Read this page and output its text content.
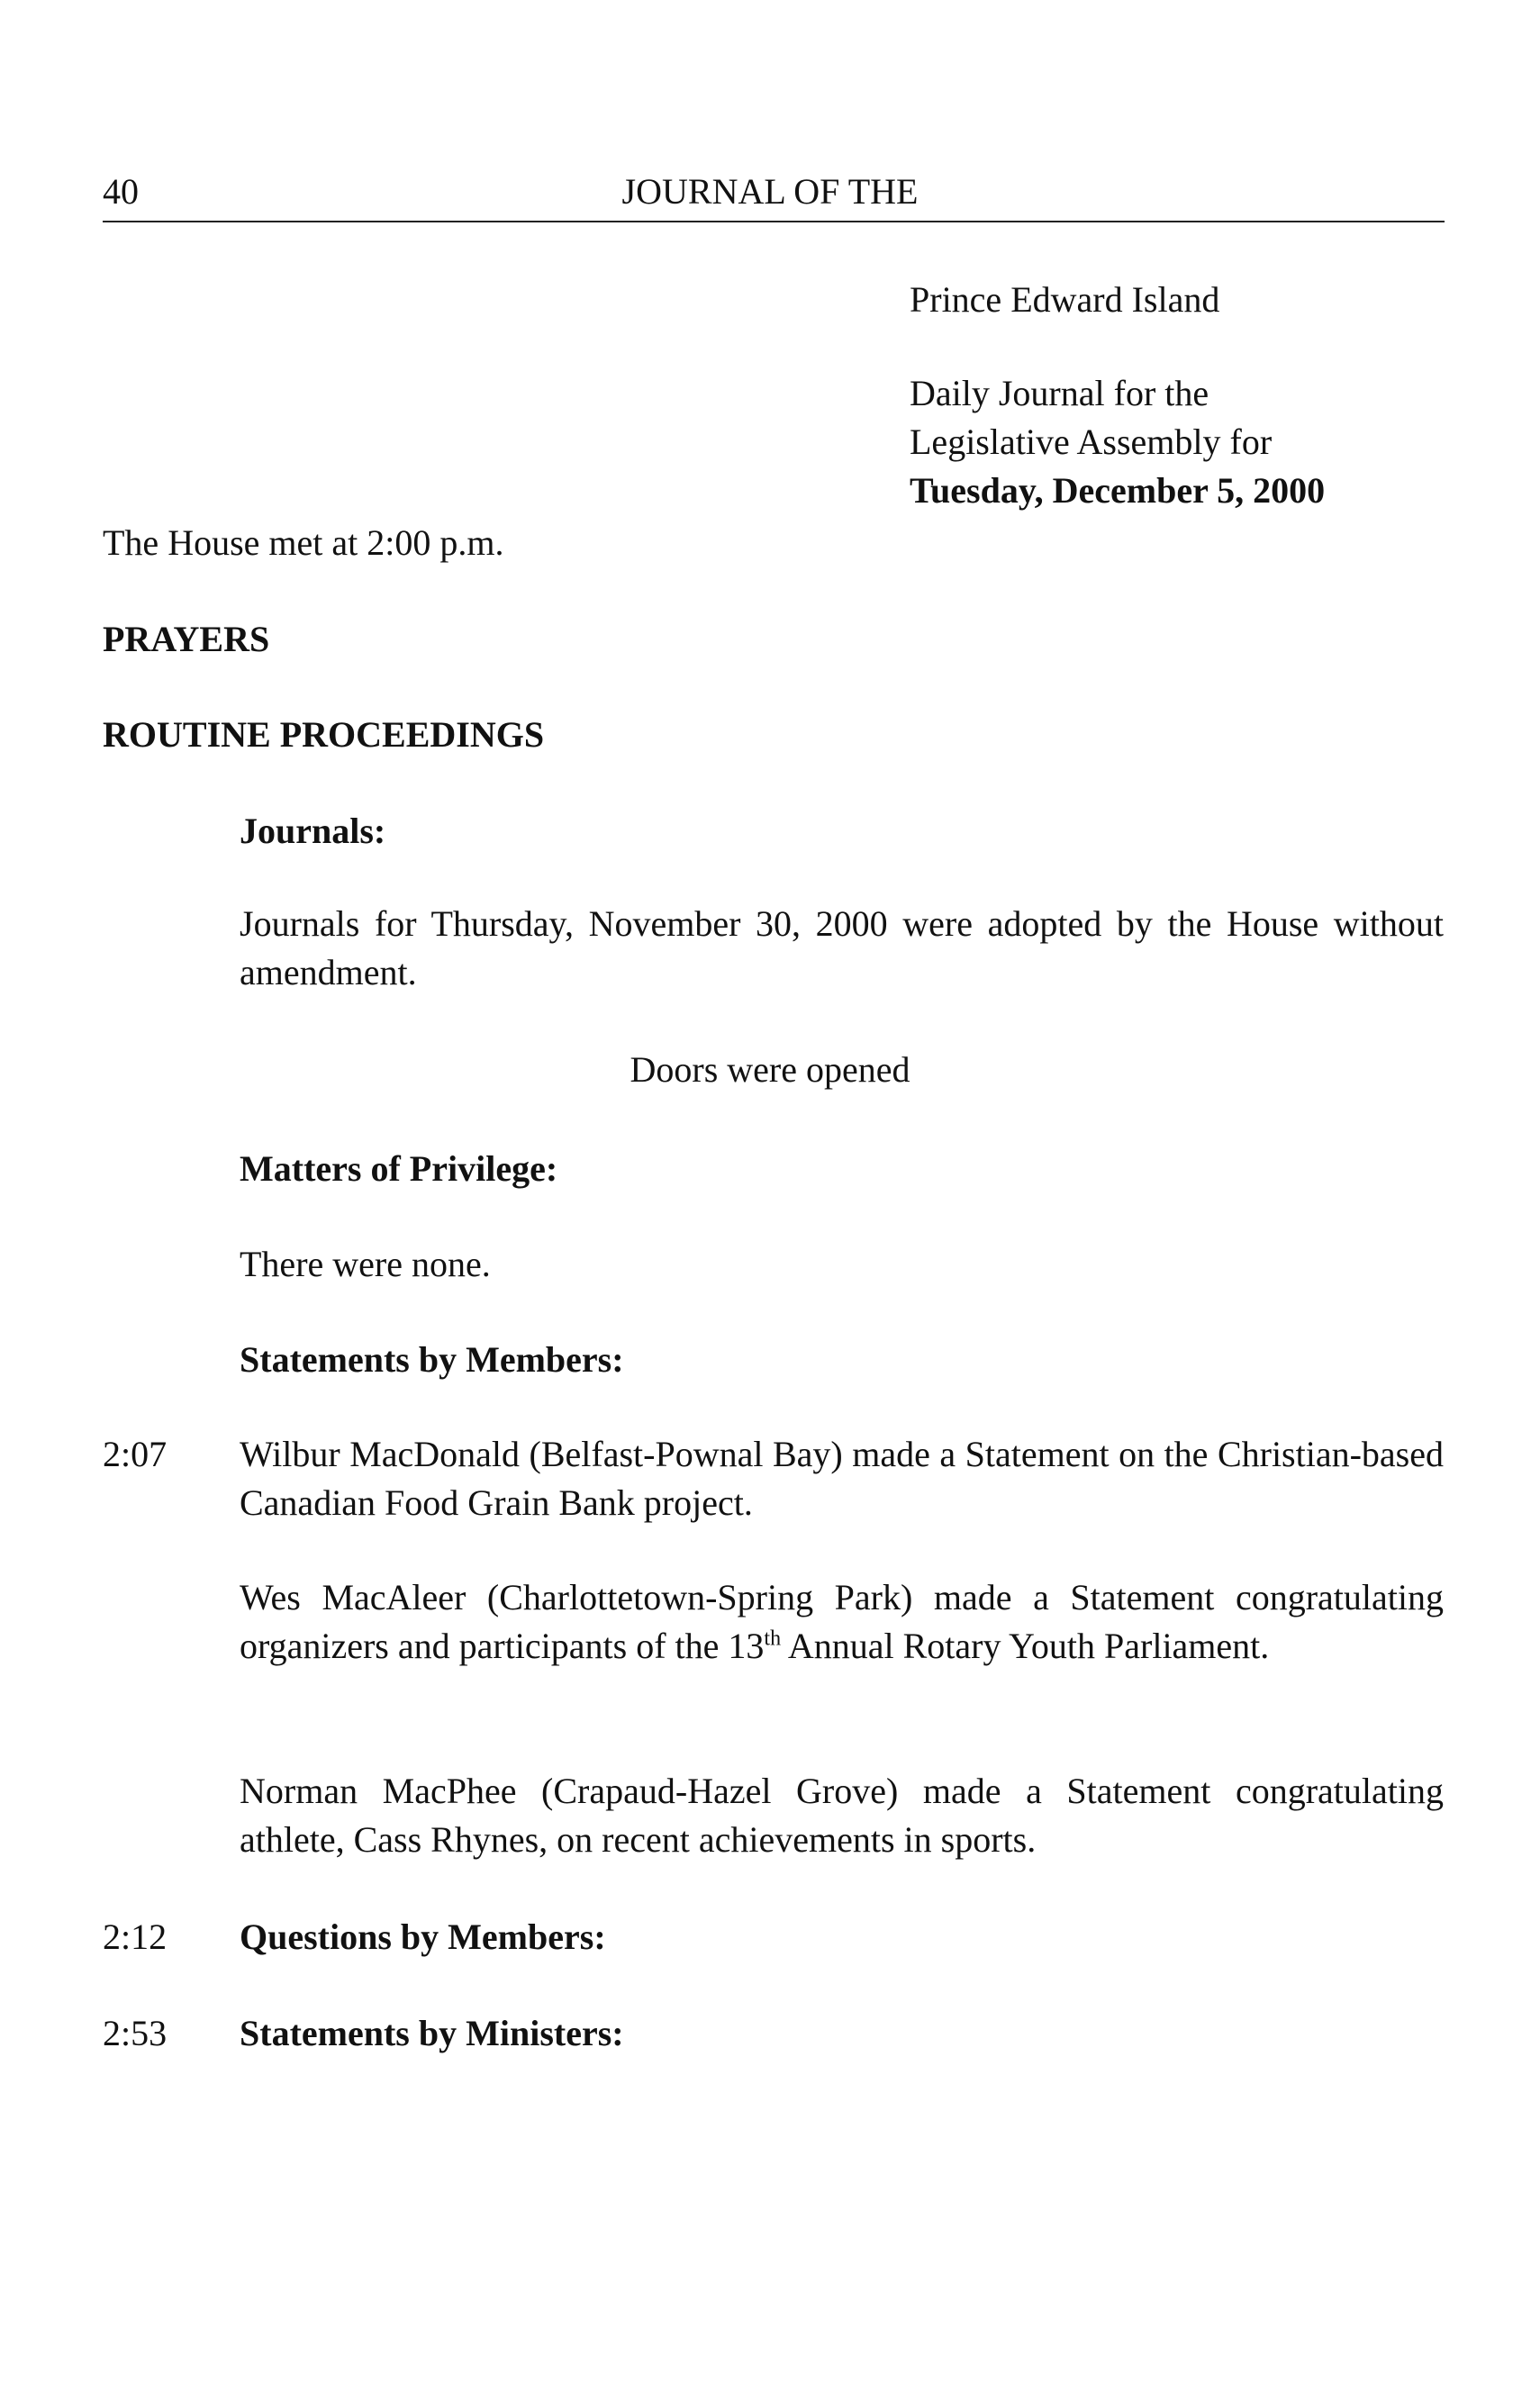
40	JOURNAL OF THE
Prince Edward Island
Daily Journal for the
Legislative Assembly for
Tuesday, December 5, 2000
The House met at 2:00 p.m.
PRAYERS
ROUTINE PROCEEDINGS
Journals:
Journals for Thursday, November 30, 2000 were adopted by the House without amendment.
Doors were opened
Matters of Privilege:
There were none.
Statements by Members:
2:07 Wilbur MacDonald (Belfast-Pownal Bay) made a Statement on the Christian-based Canadian Food Grain Bank project.
Wes MacAleer (Charlottetown-Spring Park) made a Statement congratulating organizers and participants of the 13th Annual Rotary Youth Parliament.
Norman MacPhee (Crapaud-Hazel Grove) made a Statement congratulating athlete, Cass Rhynes, on recent achievements in sports.
2:12 Questions by Members:
2:53 Statements by Ministers:
